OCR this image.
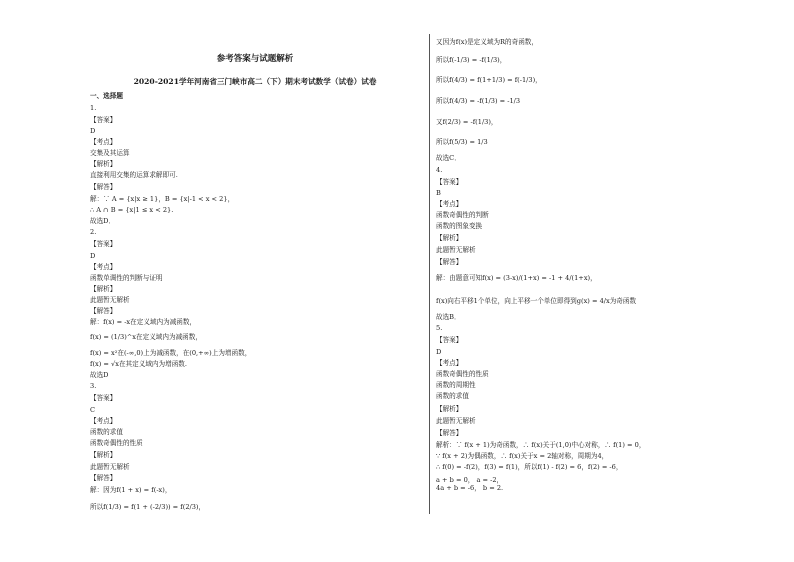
参考答案与试题解析
2020-2021学年河南省三门峡市高二（下）期末考试数学（试卷）试卷
一、选择题
1.
【答案】
D
【考点】
交集及其运算
【解析】
直接利用交集的运算求解即可.
【解答】
解：∵ A = {x|x ≥ 1}，B = {x|-1 < x < 2}，
∴ A ∩ B = {x|1 ≤ x < 2}.
故选D．
2.
【答案】
D
【考点】
函数单调性的判断与证明
【解析】
此题暂无解析
【解答】
解：f(x) = -x在定义域内为减函数，
f(x) = (1/3)^x在定义域内为减函数，
f(x) = x²在(-∞,0)上为减函数，在(0,+∞)上为增函数，
f(x) = √x在其定义域内为增函数.
故选D
3.
【答案】
C
【考点】
函数的求值
函数奇偶性的性质
【解析】
此题暂无解析
【解答】
解：因为f(1 + x) = f(-x)，
所以f(1/3) = f(1 + (-2/3)) = f(2/3)，
又因为f(x)是定义域为R的奇函数，
所以f(-1/3) = -f(1/3)，
所以f(4/3) = f(1+1/3) = f(-1/3)，
所以f(4/3) = -f(1/3) = -1/3
又f(2/3) = -f(1/3)，
所以f(5/3) = 1/3
故选C．
4.
【答案】
B
【考点】
函数奇偶性的判断
函数的图象变换
【解析】
此题暂无解析
【解答】
解：由题意可知f(x) = (3-x)/(1+x) = -1 + 4/(1+x)，
f(x)向右平移1个单位，向上平移一个单位即得到g(x) = 4/x为奇函数
故选B．
5.
【答案】
D
【考点】
函数奇偶性的性质
函数的周期性
函数的求值
【解析】
此题暂无解析
【解答】
解析：∵ f(x + 1)为奇函数，∴ f(x)关于(1,0)中心对称，∴ f(1) = 0，
∵ f(x + 2)为偶函数，∴ f(x)关于x = 2轴对称，周期为4，
∴ f(0) = -f(2)，f(3) = f(1)，所以f(1) - f(2) = 6，f(2) = -6，
a + b = 0， a = -2，
4a + b = -6， b = 2.
